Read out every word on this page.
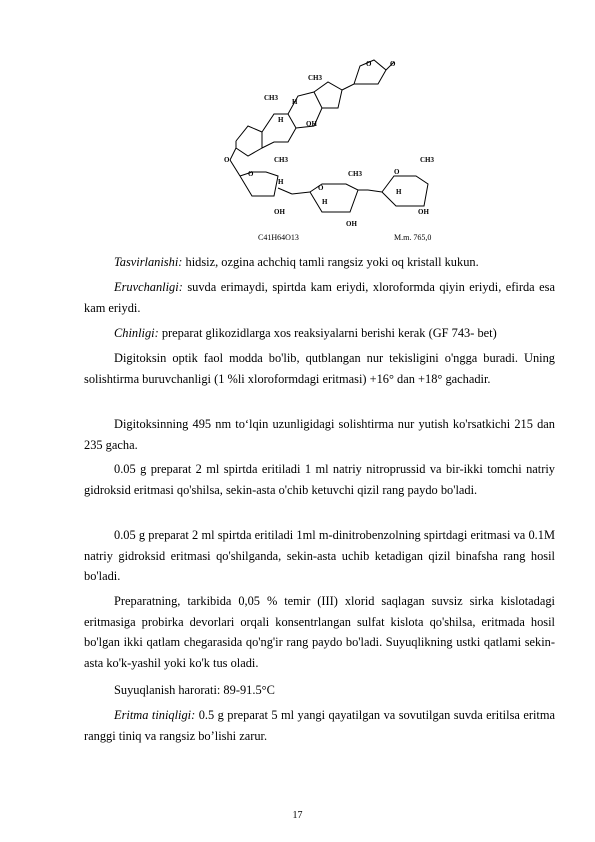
CH3
CH3 H
H	OH
O	O
O	CH3
O
H
OH
CH3
O
H
OH
CH3
O
H
OH
C41H64O13	M.m. 765,0

Tasvirlanishi: hidsiz, ozgina achchiq tamli rangsiz yoki oq kristall kukun.

Eruvchanligi: suvda erimaydi, spirtda kam eriydi, xloroformda qiyin eriydi, efirda esa kam eriydi.

Chinligi: preparat glikozidlarga xos reaksiyalarni berishi kerak (GF 743- bet)

Digitoksin optik faol modda bo'lib, qutblangan nur tekisligini o'ngga buradi. Uning solishtirma buruvchanligi (1 %li xloroformdagi eritmasi) +16° dan +18° gachadir.

Digitoksinning 495 nm to‘lqin uzunligidagi solishtirma nur yutish ko'rsatkichi 215 dan 235 gacha.

0.05 g preparat 2 ml spirtda eritiladi 1 ml natriy nitroprussid va bir-ikki tomchi natriy gidroksid eritmasi qo'shilsa, sekin-asta o'chib ketuvchi qizil rang paydo bo'ladi.

0.05 g preparat 2 ml spirtda eritiladi 1ml m-dinitrobenzolning spirtdagi eritmasi va 0.1M natriy gidroksid eritmasi qo'shilganda, sekin-asta uchib ketadigan qizil binafsha rang hosil bo'ladi.

Preparatning, tarkibida 0,05 % temir (III) xlorid saqlagan suvsiz sirka kislotadagi eritmasiga probirka devorlari orqali konsentrlangan sulfat kislota qo'shilsa, eritmada hosil bo'lgan ikki qatlam chegarasida qo'ng'ir rang paydo bo'ladi. Suyuqlikning ustki qatlami sekin-asta ko'k-yashil yoki ko'k tus oladi.

Suyuqlanish harorati: 89-91.5°C

Eritma tiniqligi: 0.5 g preparat 5 ml yangi qayatilgan va sovutilgan suvda eritilsa eritma ranggi tiniq va rangsiz bo’lishi zarur.

17
